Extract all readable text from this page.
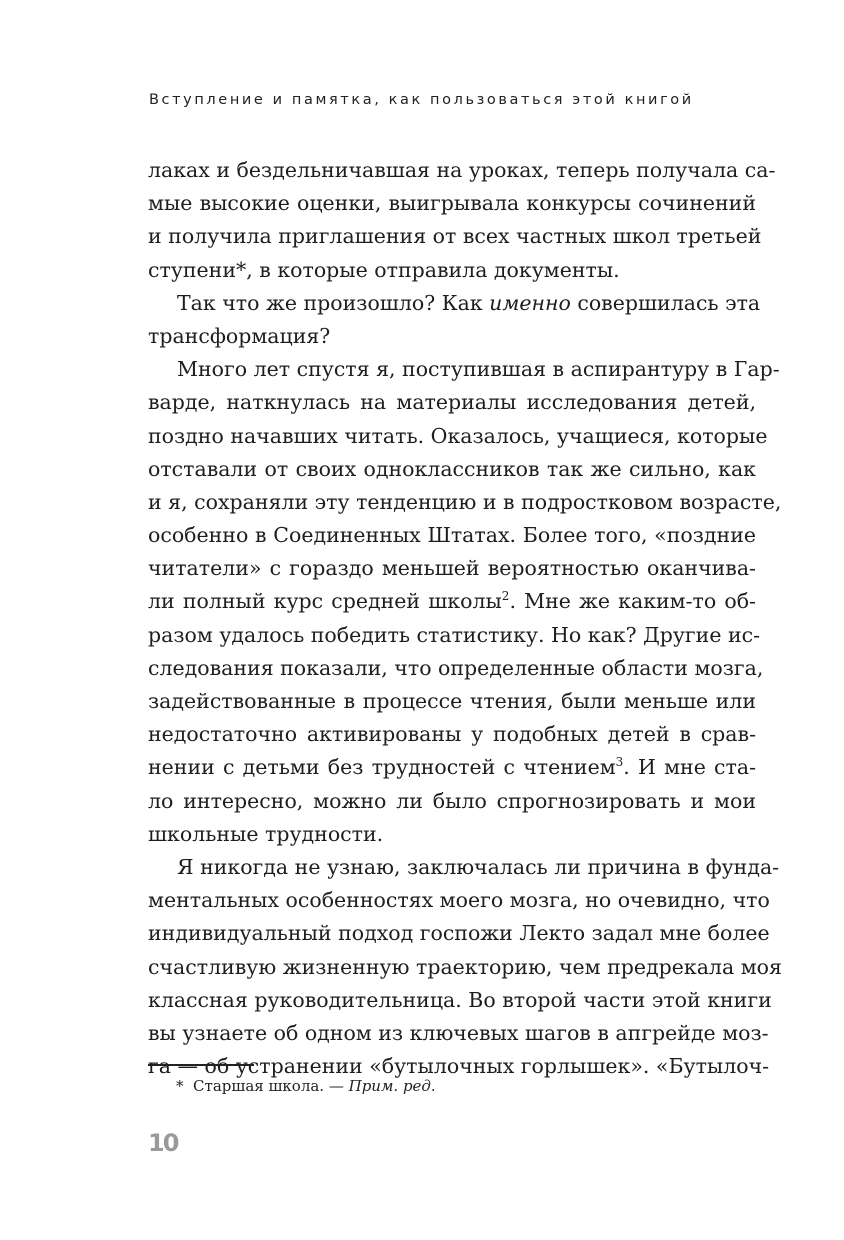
Вступление и памятка, как пользоваться этой книгой
лаках и бездельничавшая на уроках, теперь получала са-
мые высокие оценки, выигрывала конкурсы сочинений
и получила приглашения от всех частных школ третьей
ступени*, в которые отправила документы.
Так что же произошло? Как именно совершилась эта
трансформация?
Много лет спустя я, поступившая в аспирантуру в Гар-
варде, наткнулась на материалы исследования детей,
поздно начавших читать. Оказалось, учащиеся, которые
отставали от своих одноклассников так же сильно, как
и я, сохраняли эту тенденцию и в подростковом возрасте,
особенно в Соединенных Штатах. Более того, «поздние
читатели» с гораздо меньшей вероятностью оканчива-
ли полный курс средней школы$^2$. Мне же каким-то об-
разом удалось победить статистику. Но как? Другие ис-
следования показали, что определенные области мозга,
задействованные в процессе чтения, были меньше или
недостаточно активированы у подобных детей в срав-
нении с детьми без трудностей с чтением$^3$. И мне ста-
ло интересно, можно ли было спрогнозировать и мои
школьные трудности.
Я никогда не узнаю, заключалась ли причина в фунда-
ментальных особенностях моего мозга, но очевидно, что
индивидуальный подход госпожи Лекто задал мне более
счастливую жизненную траекторию, чем предрекала моя
классная руководительница. Во второй части этой книги
вы узнаете об одном из ключевых шагов в апгрейде моз-
га — об устранении «бутылочных горлышек». «Бутылоч-
* Старшая школа. — Прим. ред.
10
